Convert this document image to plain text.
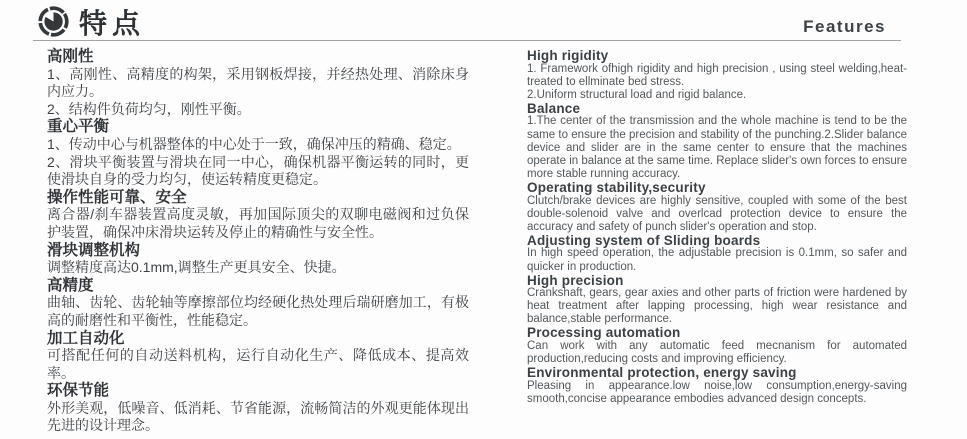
特点	Features
高刚性

1、高刚性、高精度的构架，采用钢板焊接，并经热处理、消除床身内应力。

2、结构件负荷均匀，刚性平衡。

重心平衡

1、传动中心与机器整体的中心处于一致，确保冲压的精确、稳定。

2、滑块平衡装置与滑块在同一中心，确保机器平衡运转的同时，更使滑块自身的受力均匀，使运转精度更稳定。

操作性能可靠、安全

离合器/刹车器装置高度灵敏，再加国际顶尖的双聊电磁阀和过负保护装置，确保冲床滑块运转及停止的精确性与安全性。

滑块调整机构

调整精度高达0.1mm,调整生产更具安全、快捷。

高精度

曲轴、齿轮、齿轮轴等摩擦部位均经硬化热处理后瑞研磨加工，有极高的耐磨性和平衡性，性能稳定。

加工自动化

可搭配任何的自动送料机构，运行自动化生产、降低成本、提高效率。

环保节能

外形美观，低噪音、低消耗、节省能源，流畅简洁的外观更能体现出先进的设计理念。

High rigidity

1. Framework ofhigh rigidity and high precision , using steel welding,heat-treated to ellminate bed stress.

2.Uniform structural load and rigid balance.

Balance

1.The center of the transmission and the whole machine is tend to be the same to ensure the precision and stability of the punching.2.Slider balance device and slider are in the same center to ensure that the machines operate in balance at the same time. Replace slider's own forces to ensure more stable running accuracy.

Operating stability,security

Clutch/brake devices are highly sensitive, coupled with some of the best double-solenoid valve and overlcad protection device to ensure the accuracy and safety of punch slider's operation and stop.

Adjusting system of Sliding boards

In high speed operation, the adjustable precision is 0.1mm, so safer and quicker in production.

High precision

Crankshaft, gears, gear axies and other parts of friction were hardened by heat treatment after lapping processing, high wear resistance and balance,stable performance.

Processing automation

Can work with any automatic feed mecnanism for automated production,reducing costs and improving efficiency.

Environmental protection, energy saving

Pleasing in appearance.low noise,low consumption,energy-saving smooth,concise appearance embodies advanced design concepts.
